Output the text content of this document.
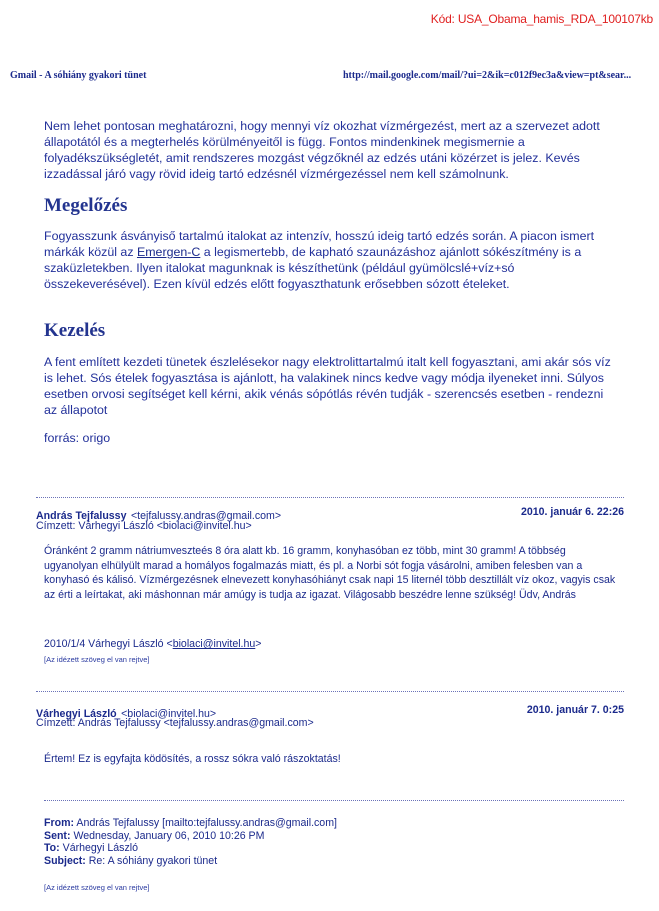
Kód: USA_Obama_hamis_RDA_100107kb
Gmail - A sóhiány gyakori tünet	http://mail.google.com/mail/?ui=2&ik=c012f9ec3a&view=pt&sear...
Nem lehet pontosan meghatározni, hogy mennyi víz okozhat vízmérgezést, mert az a szervezet adott állapotától és a megterhelés körülményeitől is függ. Fontos mindenkinek megismernie a folyadékszükségletét, amit rendszeres mozgást végzőknél az edzés utáni közérzet is jelez. Kevés izzadással járó vagy rövid ideig tartó edzésnél vízmérgezéssel nem kell számolnunk.
Megelőzés
Fogyasszunk ásványiső tartalmú italokat az intenzív, hosszú ideig tartó edzés során. A piacon ismert márkák közül az Emergen-C a legismertebb, de kapható szaunázáshoz ajánlott sókészítmény is a szaküzletekben. Ilyen italokat magunknak is készíthetünk (például gyümölcslé+víz+só összekeverésével). Ezen kívül edzés előtt fogyaszthatunk erősebben sózott ételeket.
Kezelés
A fent említett kezdeti tünetek észlelésekor nagy elektrolittartalmú italt kell fogyasztani, ami akár sós víz is lehet. Sós ételek fogyasztása is ajánlott, ha valakinek nincs kedve vagy módja ilyeneket inni. Súlyos esetben orvosi segítséget kell kérni, akik vénás sópótlás révén tudják - szerencsés esetben - rendezni az állapotot
forrás: origo
András Tejfalussy <tejfalussy.andras@gmail.com>	2010. január 6. 22:26
Címzett: Várhegyi László <biolaci@invitel.hu>
Óránként 2 gramm nátriumveszteés 8 óra alatt kb. 16 gramm, konyhasóban ez több, mint 30 gramm! A többség ugyanolyan elhülyült marad a homályos fogalmazás miatt, és pl. a Norbi sót fogja vásárolni, amiben felesben van a konyhasó és kálisó. Vízmérgezésnek elnevezett konyhasóhiányt csak napi 15 liternél több desztillált víz okoz, vagyis csak az érti a leírtakat, aki máshonnan már amúgy is tudja az igazat. Világosabb beszédre lenne szükség! Üdv, András
2010/1/4 Várhegyi László <biolaci@invitel.hu>
[Az idézett szöveg el van rejtve]
Várhegyi László <biolaci@invitel.hu>	2010. január 7. 0:25
Címzett: András Tejfalussy <tejfalussy.andras@gmail.com>
Értem! Ez is egyfajta ködösítés, a rossz sókra való rászoktatás!
From: András Tejfalussy [mailto:tejfalussy.andras@gmail.com]
Sent: Wednesday, January 06, 2010 10:26 PM
To: Várhegyi László
Subject: Re: A sóhiány gyakori tünet
[Az idézett szöveg el van rejtve]
